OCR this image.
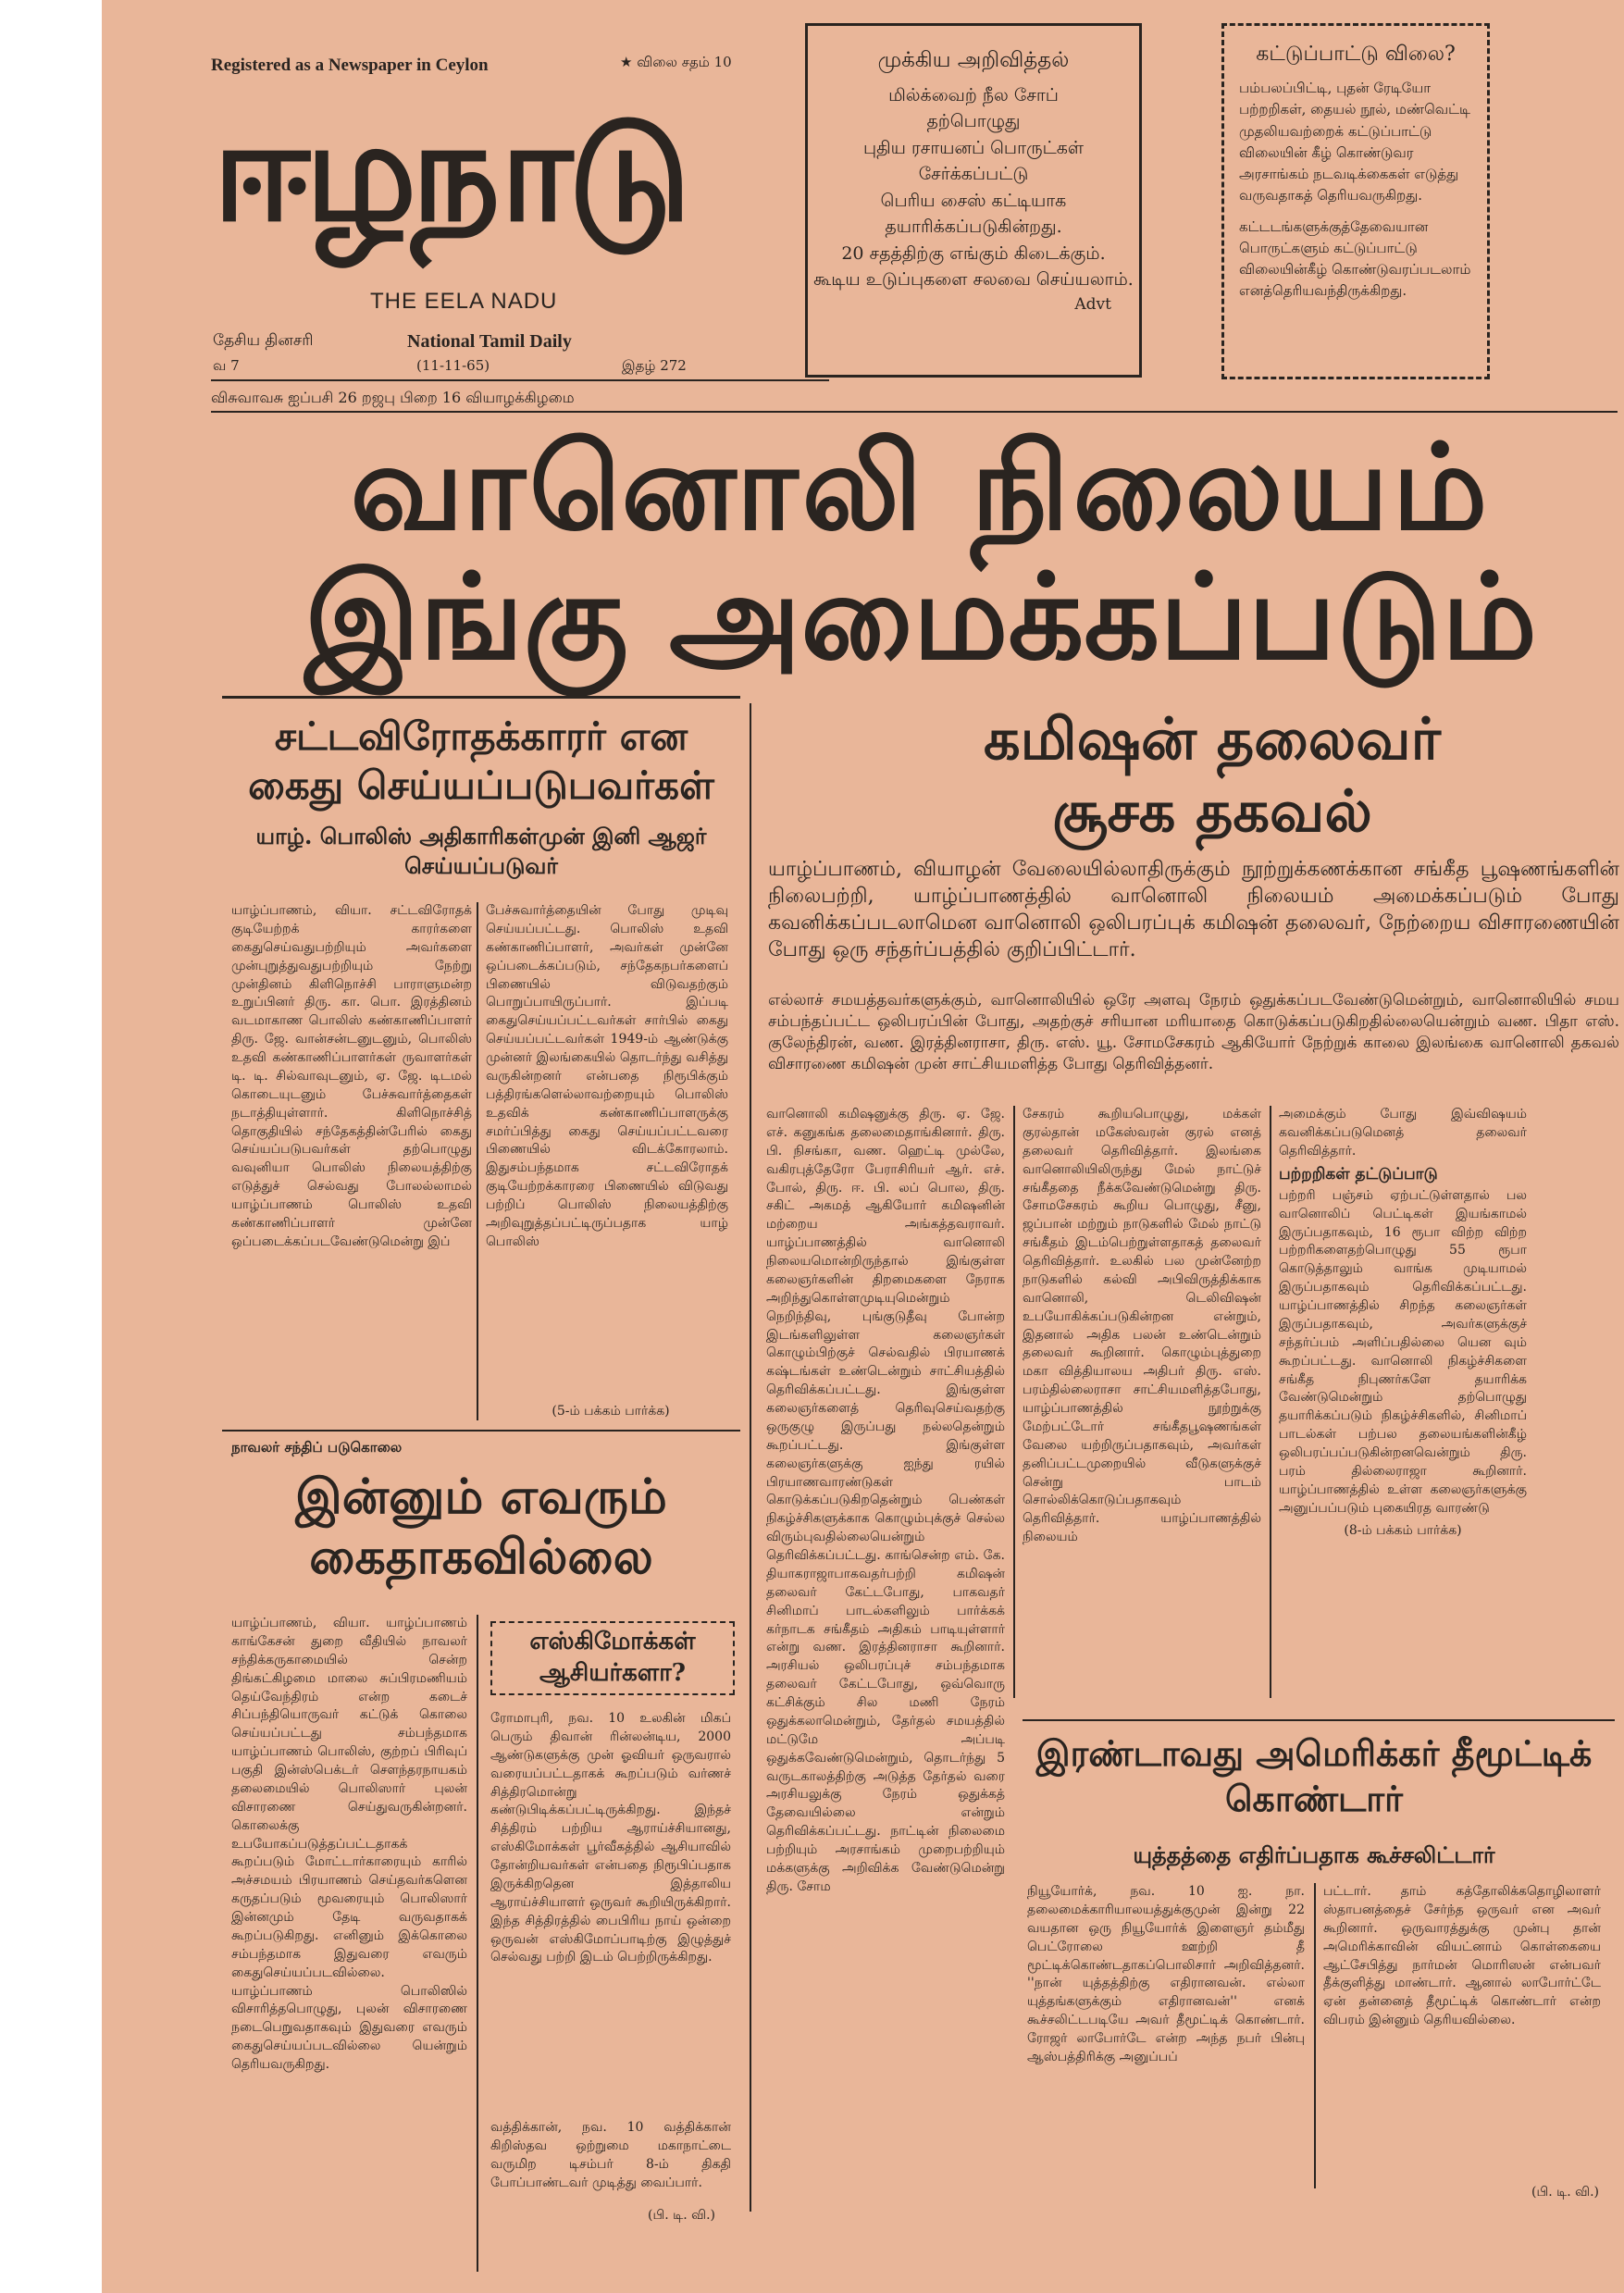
Registered as a Newspaper in Ceylon	★ விலை சதம் 10
ஈழநாடு
THE EELA NADU
தேசிய தினசரி	National Tamil Daily
வ 7	(11-11-65)	இதழ் 272
விசுவாவசு ஐப்பசி 26 றஜபு பிறை 16 வியாழக்கிழமை
முக்கிய அறிவித்தல்
மில்க்வைற் நீல சோப்
தற்பொழுது
புதிய ரசாயனப் பொருட்கள்
சேர்க்கப்பட்டு
பெரிய சைஸ் கட்டியாக
தயாரிக்கப்படுகின்றது.
20 சதத்திற்கு எங்கும் கிடைக்கும்.
கூடிய உடுப்புகளை சலவை செய்யலாம்.
Advt
கட்டுப்பாட்டு விலை?
பம்பலப்பிட்டி, புதன் ரேடியோ பற்றறிகள், தையல் நூல், மண்வெட்டி முதலியவற்றைக் கட்டுப்பாட்டு விலையின் கீழ் கொண்டுவர அரசாங்கம் நடவடிக்கைகள் எடுத்து வருவதாகத் தெரியவருகிறது.
கட்டடங்களுக்குத்தேவையான பொருட்களும் கட்டுப்பாட்டு விலையின்கீழ் கொண்டுவரப்படலாம் எனத்தெரியவந்திருக்கிறது.
வானொலி நிலையம்
இங்கு அமைக்கப்படும்
சட்டவிரோதக்காரர் என கைது செய்யப்படுபவர்கள்
யாழ். பொலிஸ் அதிகாரிகள்முன் இனி ஆஜர் செய்யப்படுவர்
யாழ்ப்பாணம், வியா. சட்டவிரோதக் குடியேற்றக் காரர்களை கைதுசெய்வதுபற்றியும் அவர்களை முன்புறுத்துவதுபற்றியும் நேற்று முன்தினம் கிளிநொச்சி பாராளுமன்ற உறுப்பினர் திரு. கா. பொ. இரத்தினம் வடமாகாண பொலிஸ் கண்காணிப்பாளர் திரு. ஜே. வான்சன்டனுடனும், பொலிஸ் உதவி கண்காணிப்பாளர்கள் ருவாளர்கள் டி. டி. சில்வாவுடனும், ஏ. ஜே. டிடமல் கொடையுடனும் பேச்சுவார்த்தைகள் நடாத்தியுள்ளார். கிளிநொச்சித் தொகுதியில் சந்தேகத்தின்பேரில் கைது செய்யப்படுபவர்கள் தற்பொழுது வவுனியா பொலிஸ் நிலையத்திற்கு எடுத்துச் செல்வது போலல்லாமல் யாழ்ப்பாணம் பொலிஸ் உதவி கண்காணிப்பாளர் முன்னே ஒப்படைக்கப்படவேண்டுமென்று இப்
பேச்சுவார்த்தையின் போது முடிவு செய்யப்பட்டது. பொலிஸ் உதவி கண்காணிப்பாளர், அவர்கள் முன்னே ஒப்படைக்கப்படும், சந்தேகநபர்களைப் பிணையில் விடுவதற்கும் பொறுப்பாயிருப்பார். இப்படி கைதுசெய்யப்பட்டவர்கள் சார்பில் கைது செய்யப்பட்டவர்கள் 1949-ம் ஆண்டுக்கு முன்னர் இலங்கையில் தொடர்ந்து வசித்து வருகின்றனர் என்பதை நிரூபிக்கும் பத்திரங்களெல்லாவற்றையும் பொலிஸ் உதவிக் கண்காணிப்பாளருக்கு சமர்ப்பித்து கைது செய்யப்பட்டவரை பிணையில் விடக்கோரலாம். இதுசம்பந்தமாக சட்டவிரோதக் குடியேற்றக்காரரை பிணையில் விடுவது பற்றிப் பொலிஸ் நிலையத்திற்கு அறிவுறுத்தப்பட்டிருப்பதாக யாழ் பொலிஸ்
(5-ம் பக்கம் பார்க்க)
நாவலர் சந்திப் படுகொலை
இன்னும் எவரும் கைதாகவில்லை
யாழ்ப்பாணம், வியா. யாழ்ப்பாணம் காங்கேசன் துறை வீதியில் நாவலர் சந்திக்கருகாமையில் சென்ற திங்கட்கிழமை மாலை சுப்பிரமணியம் தெய்வேந்திரம் என்ற கடைச் சிப்பந்தியொருவர் கட்டுக் கொலை செய்யப்பட்டது சம்பந்தமாக யாழ்ப்பாணம் பொலிஸ், குற்றப் பிரிவுப் பகுதி இன்ஸ்பெக்டர் சௌந்தரநாயகம் தலைமையில் பொலிஸார் புலன் விசாரணை செய்துவருகின்றனர். கொலைக்கு உபயோகப்படுத்தப்பட்டதாகக் கூறப்படும் மோட்டார்காரையும் காரில் அச்சமயம் பிரயாணம் செய்தவர்களென கருதப்படும் மூவரையும் பொலிஸார் இன்னமும் தேடி வருவதாகக் கூறப்படுகிறது. எனினும் இக்கொலை சம்பந்தமாக இதுவரை எவரும் கைதுசெய்யப்படவில்லை. யாழ்ப்பாணம் பொலிஸில் விசாரித்தபொழுது, புலன் விசாரணை நடைபெறுவதாகவும் இதுவரை எவரும் கைதுசெய்யப்படவில்லை யென்றும் தெரியவருகிறது.
எஸ்கிமோக்கள் ஆசியர்களா?
ரோமாபுரி, நவ. 10 உலகின் மிகப் பெரும் திவான் ரின்லன்டிய, 2000 ஆண்டுகளுக்கு முன் ஓவியர் ஒருவரால் வரையப்பட்டதாகக் கூறப்படும் வர்ணச் சித்திரமொன்று கண்டுபிடிக்கப்பட்டிருக்கிறது. இந்தச் சித்திரம் பற்றிய ஆராய்ச்சியானது, எஸ்கிமோக்கள் பூர்வீகத்தில் ஆசியாவில் தோன்றியவர்கள் என்பதை நிரூபிப்பதாக இருக்கிறதென இத்தாலிய ஆராய்ச்சியாளர் ஒருவர் கூறியிருக்கிறார். இந்த சித்திரத்தில் பைபிரிய நாய் ஒன்றை ஒருவன் எஸ்கிமோப்பாடிற்கு இழுத்துச் செல்வது பற்றி இடம் பெற்றிருக்கிறது.
வத்திக்கான், நவ. 10 வத்திக்கான் கிறிஸ்தவ ஒற்றுமை மகாநாட்டை வருமிற டிசம்பர் 8-ம் திகதி போப்பாண்டவர் முடித்து வைப்பார்.
(பி. டி. வி.)
கமிஷன் தலைவர்
சூசக தகவல்
யாழ்ப்பாணம், வியாழன் வேலையில்லாதிருக்கும் நூற்றுக்கணக்கான சங்கீத பூஷணங்களின் நிலைபற்றி, யாழ்ப்பாணத்தில் வானொலி நிலையம் அமைக்கப்படும் போது கவனிக்கப்படலாமென வானொலி ஒலிபரப்புக் கமிஷன் தலைவர், நேற்றைய விசாரணையின் போது ஒரு சந்தர்ப்பத்தில் குறிப்பிட்டார்.
எல்லாச் சமயத்தவர்களுக்கும், வானொலியில் ஒரே அளவு நேரம் ஒதுக்கப்படவேண்டுமென்றும், வானொலியில் சமய சம்பந்தப்பட்ட ஒலிபரப்பின் போது, அதற்குச் சரியான மரியாதை கொடுக்கப்படுகிறதில்லையென்றும் வண. பிதா எஸ். குலேந்திரன், வண. இரத்தினராசா, திரு. எஸ். யூ. சோமசேகரம் ஆகியோர் நேற்றுக் காலை இலங்கை வானொலி தகவல் விசாரணை கமிஷன் முன் சாட்சியமளித்த போது தெரிவித்தனர்.
வானொலி கமிஷனுக்கு திரு. ஏ. ஜே. எச். கனுகங்க தலைமைதாங்கினார். திரு. பி. நிசங்கா, வண. ஹெட்டி முல்லே, வகிரபுத்தேரோ பேராசிரியர் ஆர். எச். போல், திரு. ஈ. பி. லப் பொல, திரு. சகிட் அகமத் ஆகியோர் கமிஷனின் மற்றைய அங்கத்தவராவர். யாழ்ப்பாணத்தில் வானொலி நிலையமொன்றிருந்தால் இங்குள்ள கலைஞர்களின் திறமைகளை நேராக அறிந்துகொள்ளமுடியுமென்றும் நெறிந்திவு, புங்குடுதீவு போன்ற இடங்களிலுள்ள கலைஞர்கள் கொழும்பிற்குச் செல்வதில் பிரயாணக் கஷ்டங்கள் உண்டென்றும் சாட்சியத்தில் தெரிவிக்கப்பட்டது. இங்குள்ள கலைஞர்களைத் தெரிவுசெய்வதற்கு ஒருகுழு இருப்பது நல்லதென்றும் கூறப்பட்டது. இங்குள்ள கலைஞர்களுக்கு ஐந்து ரயில் பிரயாணவாரண்டுகள் கொடுக்கப்படுகிறதென்றும் பெண்கள் நிகழ்ச்சிகளுக்காக கொழும்புக்குச் செல்ல விரும்புவதில்லையென்றும் தெரிவிக்கப்பட்டது. காங்சென்ற எம். கே. தியாகராஜாபாகவதர்பற்றி கமிஷன் தலைவர் கேட்டபோது, பாகவதர் சினிமாப் பாடல்களிலும் பார்க்கக் கர்நாடக சங்கீதம் அதிகம் பாடியுள்ளார் என்று வண. இரத்தினராசா கூறினார். அரசியல் ஒலிபரப்புச் சம்பந்தமாக தலைவர் கேட்டபோது, ஒவ்வொரு கட்சிக்கும் சில மணி நேரம் ஒதுக்கலாமென்றும், தேர்தல் சமயத்தில் மட்டுமே அப்படி ஒதுக்கவேண்டுமென்றும், தொடர்ந்து 5 வருடகாலத்திற்கு அடுத்த தேர்தல் வரை அரசியலுக்கு நேரம் ஒதுக்கத் தேவையில்லை என்றும் தெரிவிக்கப்பட்டது. நாட்டின் நிலைமை பற்றியும் அரசாங்கம் முறைபற்றியும் மக்களுக்கு அறிவிக்க வேண்டுமென்று திரு. சோம
சேகரம் கூறியபொழுது, மக்கள் குரல்தான் மகேஸ்வரன் குரல் எனத் தலைவர் தெரிவித்தார். இலங்கை வானொலியிலிருந்து மேல் நாட்டுச் சங்கீததை நீக்கவேண்டுமென்று திரு. சோமசேகரம் கூறிய பொழுது, சீனு, ஜப்பான் மற்றும் நாடுகளில் மேல் நாட்டு சங்கீதம் இடம்பெற்றுள்ளதாகத் தலைவர் தெரிவித்தார். உலகில் பல முன்னேற்ற நாடுகளில் கல்வி அபிவிருத்திக்காக வானொலி, டெலிவிஷன் உபயோகிக்கப்படுகின்றன என்றும், இதனால் அதிக பலன் உண்டென்றும் தலைவர் கூறினார். கொழும்புத்துறை மகா வித்தியாலய அதிபர் திரு. எஸ். பரம்தில்லைராசா சாட்சியமளித்தபோது, யாழ்ப்பாணத்தில் நூற்றுக்கு மேற்பட்டோர் சங்கீதபூஷணங்கள் வேலை யற்றிருப்பதாகவும், அவர்கள் தனிப்பட்டமுறையில் வீடுகளுக்குச் சென்று பாடம் சொல்லிக்கொடுப்பதாகவும் தெரிவித்தார். யாழ்ப்பாணத்தில் நிலையம்
அமைக்கும் போது இவ்விஷயம் கவனிக்கப்படுமெனத் தலைவர் தெரிவித்தார்.
பற்றறிகள் தட்டுப்பாடு
பற்றரி பஞ்சம் ஏற்பட்டுள்ளதால் பல வானொலிப் பெட்டிகள் இயங்காமல் இருப்பதாகவும், 16 ரூபா விற்ற விற்ற பற்றரிகளைதற்பொழுது 55 ரூபா கொடுத்தாலும் வாங்க முடியாமல் இருப்பதாகவும் தெரிவிக்கப்பட்டது. யாழ்ப்பாணத்தில் சிறந்த கலைஞர்கள் இருப்பதாகவும், அவர்களுக்குச் சந்தர்ப்பம் அளிப்பதில்லை யென வும் கூறப்பட்டது. வானொலி நிகழ்ச்சிகளை சங்கீத நிபுணர்களே தயாரிக்க வேண்டுமென்றும் தற்பொழுது தயாரிக்கப்படும் நிகழ்ச்சிகளில், சினிமாப் பாடல்கள் பற்பல தலையங்களின்கீழ் ஒலிபரப்பப்படுகின்றனவென்றும் திரு. பரம் தில்லைராஜா கூறினார். யாழ்ப்பாணத்தில் உள்ள கலைஞர்களுக்கு அனுப்பப்படும் புகையிரத வாரண்டு
(8-ம் பக்கம் பார்க்க)
இரண்டாவது அமெரிக்கர் தீமூட்டிக் கொண்டார்
யுத்தத்தை எதிர்ப்பதாக கூச்சலிட்டார்
நியூயோர்க், நவ. 10 ஐ. நா. தலைமைக்காரியாலயத்துக்குமுன் இன்று 22 வயதான ஒரு நியூயோர்க் இளைஞர் தம்மீது பெட்ரோலை ஊற்றி தீ மூட்டிக்கொண்டதாகப்பொலிசார் அறிவித்தனர். ''நான் யுத்தத்திற்கு எதிரானவன். எல்லா யுத்தங்களுக்கும் எதிரானவன்'' எனக் கூச்சலிட்டபடியே அவர் தீமூட்டிக் கொண்டார். ரோஜர் லாபோர்டே என்ற அந்த நபர் பின்பு ஆஸ்பத்திரிக்கு அனுப்பப்
பட்டார். தாம் கத்தோலிக்கதொழிலாளர் ஸ்தாபனத்தைச் சேர்ந்த ஒருவர் என அவர் கூறினார். ஒருவாரத்துக்கு முன்பு தான் அமெரிக்காவின் வியட்னாம் கொள்கையை ஆட்சேபித்து நார்மன் மொரிஸன் என்பவர் தீக்குளித்து மாண்டார். ஆனால் லாபோர்ட்டே ஏன் தன்னைத் தீமூட்டிக் கொண்டார் என்ற விபரம் இன்னும் தெரியவில்லை.
(பி. டி. வி.)
